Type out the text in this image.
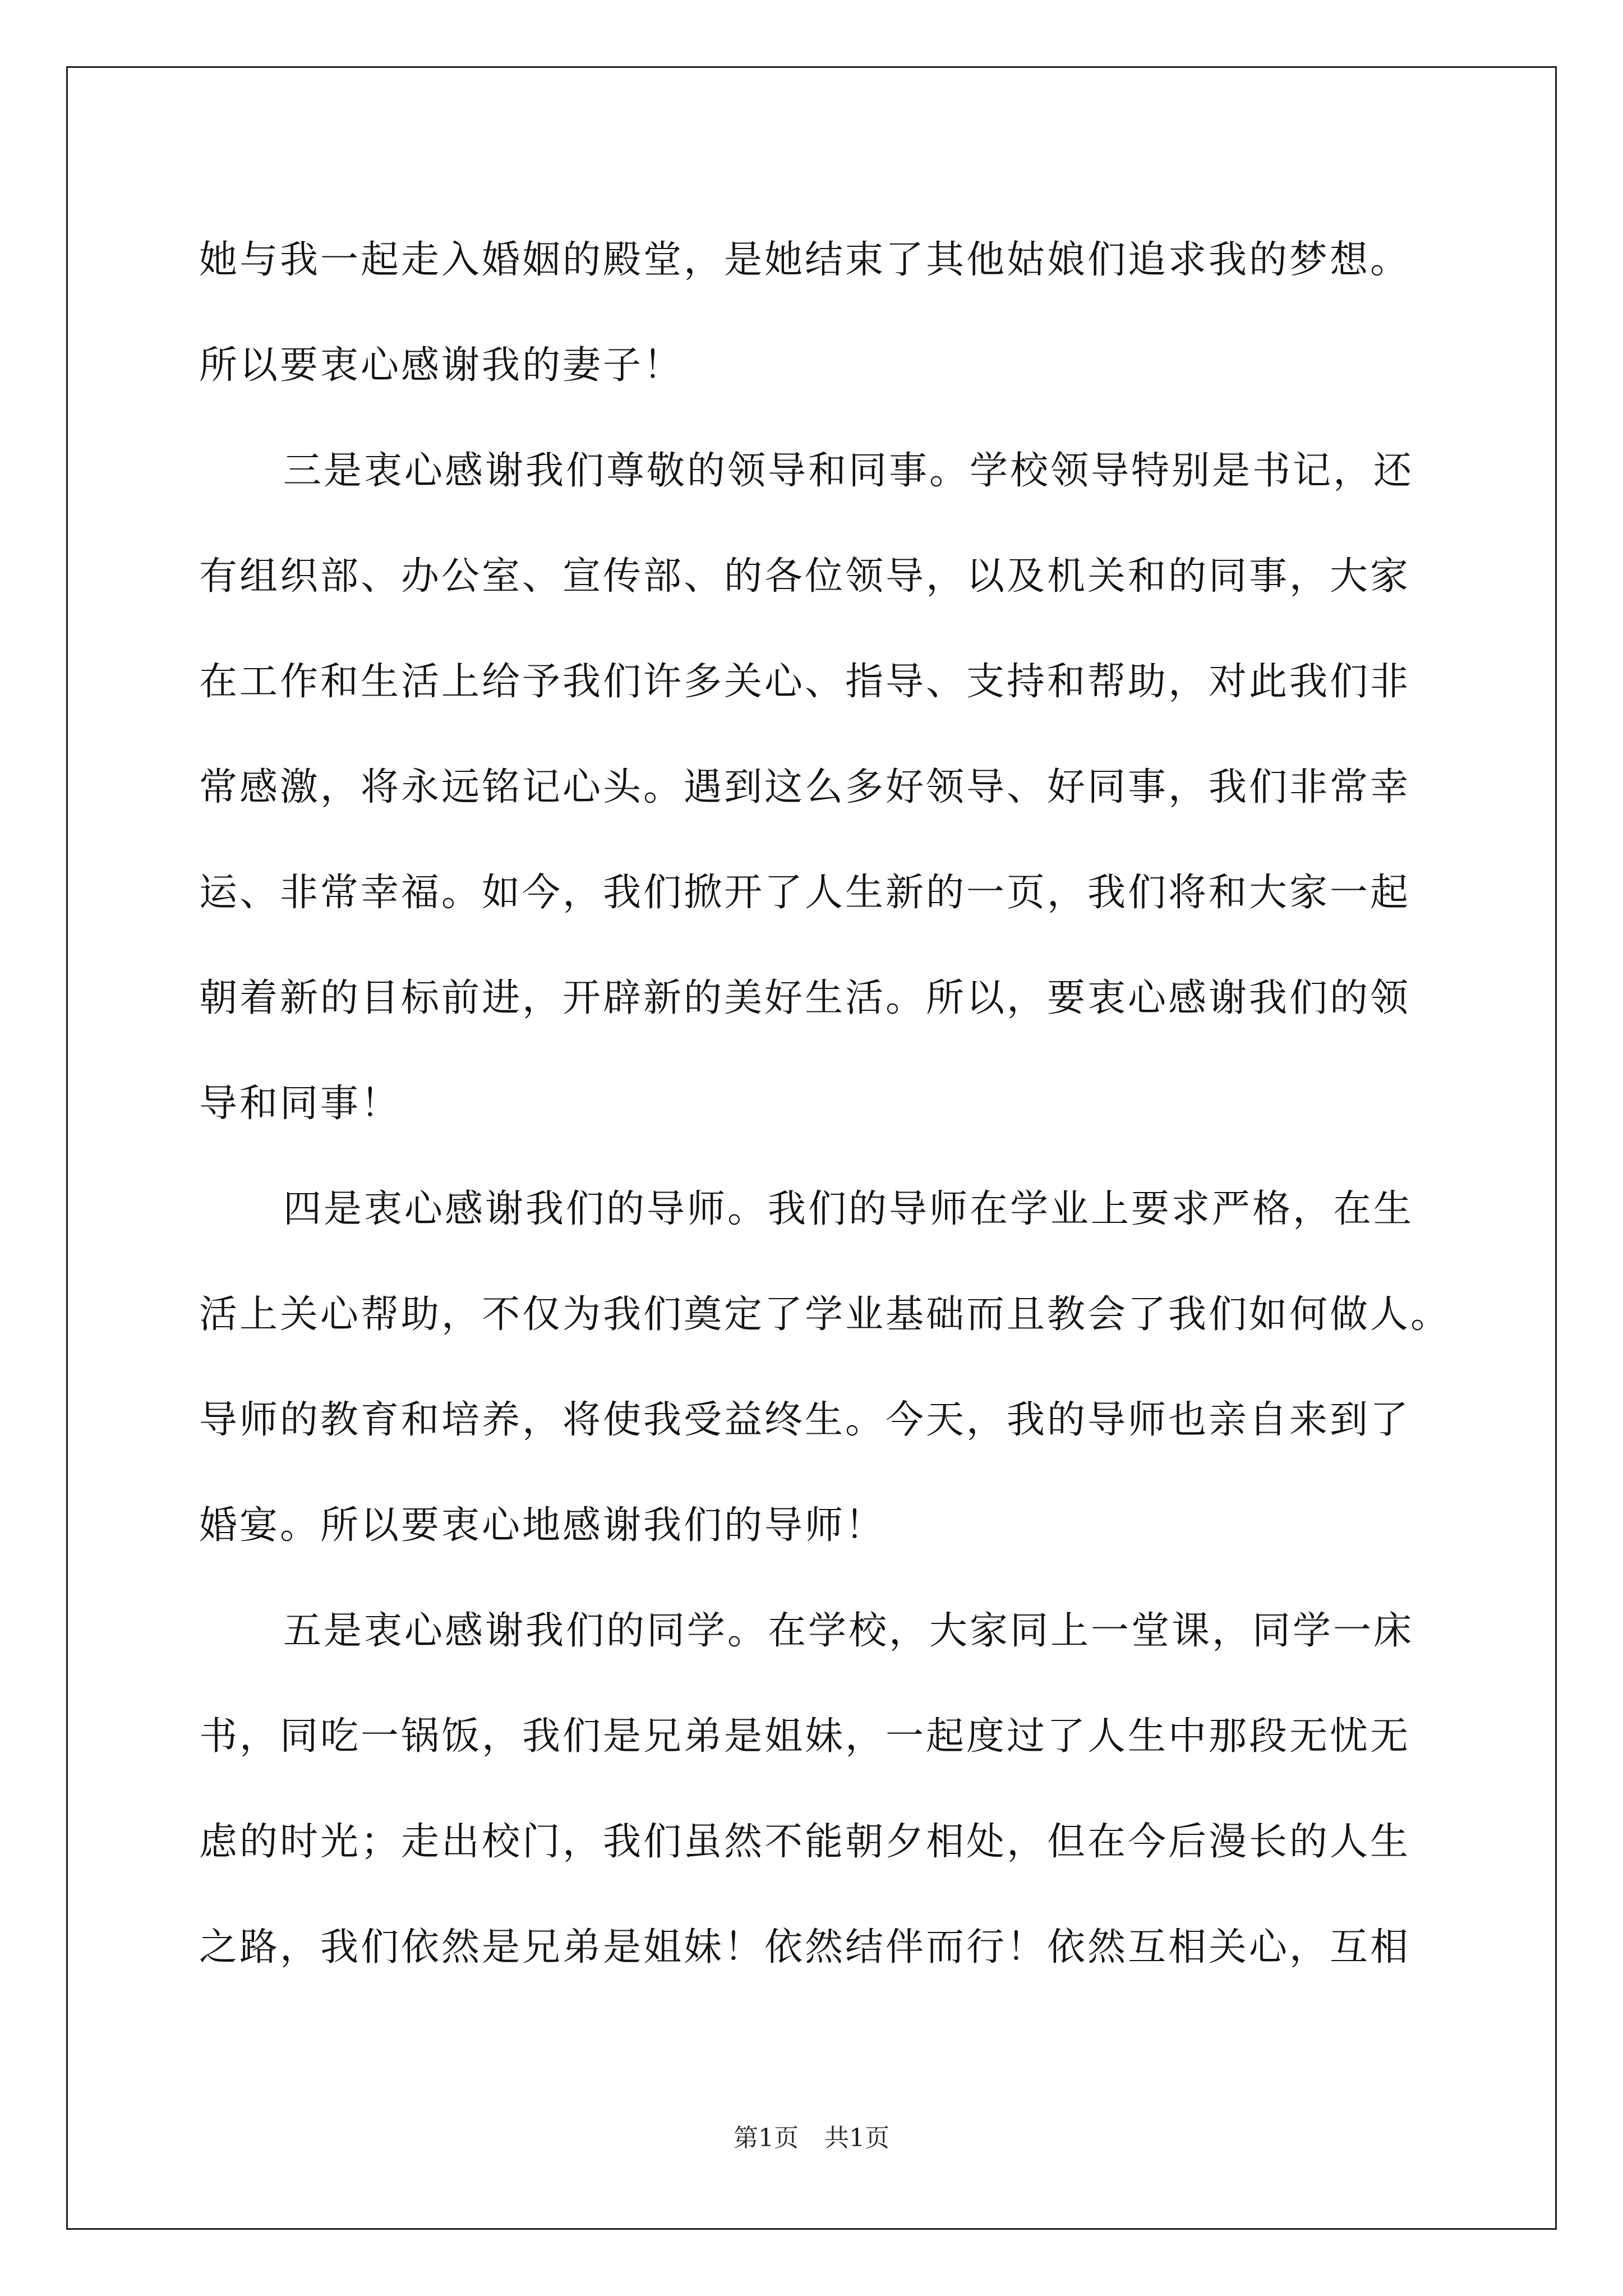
她与我一起走入婚姻的殿堂，是她结束了其他姑娘们追求我的梦想。
所以要衷心感谢我的妻子！
三是衷心感谢我们尊敬的领导和同事。学校领导特别是书记，还
有组织部、办公室、宣传部、的各位领导，以及机关和的同事，大家
在工作和生活上给予我们许多关心、指导、支持和帮助，对此我们非
常感激，将永远铭记心头。遇到这么多好领导、好同事，我们非常幸
运、非常幸福。如今，我们掀开了人生新的一页，我们将和大家一起
朝着新的目标前进，开辟新的美好生活。所以，要衷心感谢我们的领
导和同事！
四是衷心感谢我们的导师。我们的导师在学业上要求严格，在生
活上关心帮助，不仅为我们奠定了学业基础而且教会了我们如何做人。
导师的教育和培养，将使我受益终生。今天，我的导师也亲自来到了
婚宴。所以要衷心地感谢我们的导师！
五是衷心感谢我们的同学。在学校，大家同上一堂课，同学一床
书，同吃一锅饭，我们是兄弟是姐妹，一起度过了人生中那段无忧无
虑的时光；走出校门，我们虽然不能朝夕相处，但在今后漫长的人生
之路，我们依然是兄弟是姐妹！依然结伴而行！依然互相关心，互相
第1页 共1页
